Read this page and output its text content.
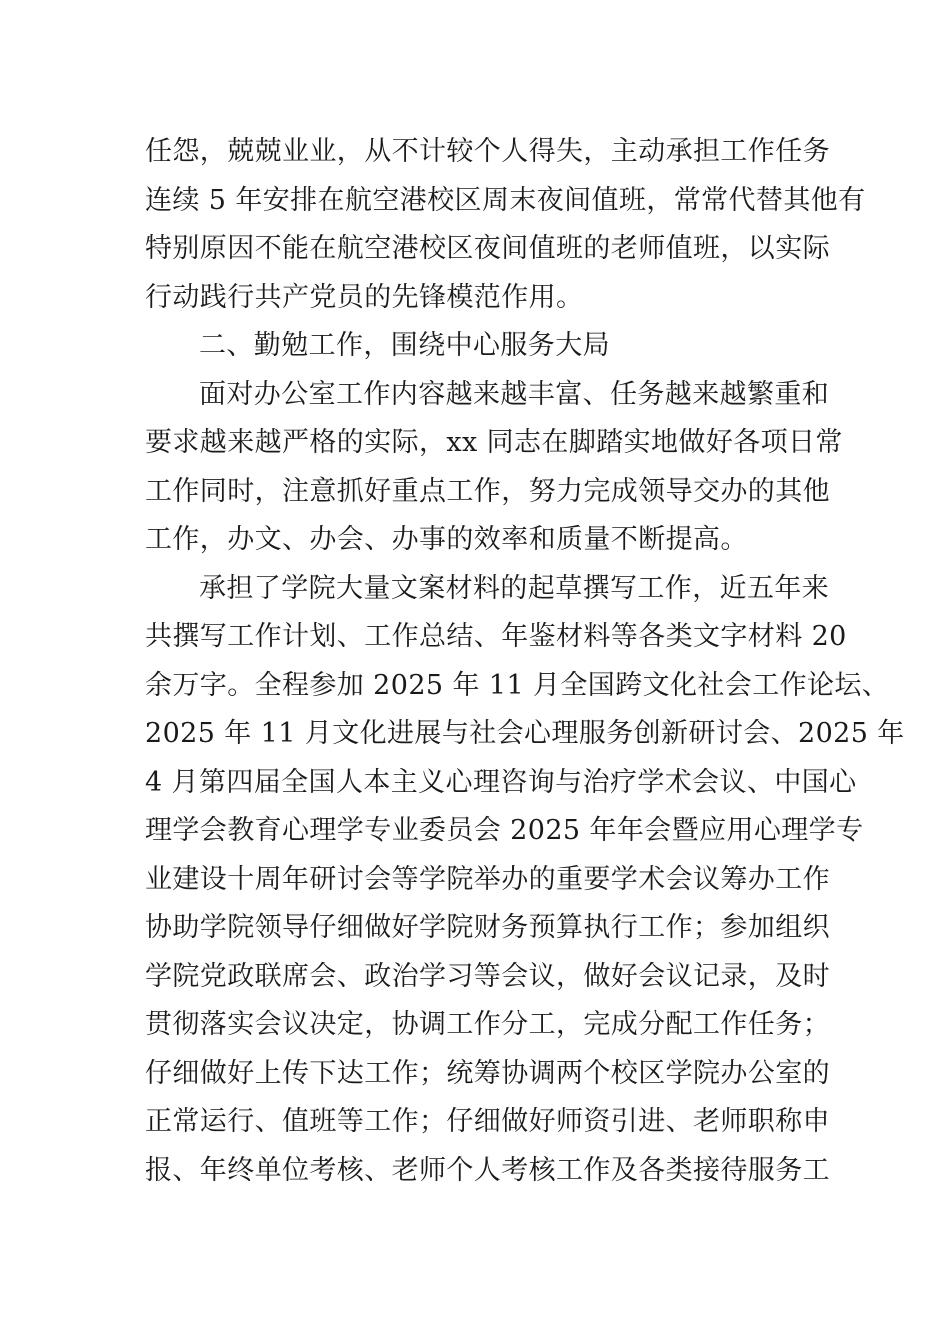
任怨，兢兢业业，从不计较个人得失，主动承担工作任务
连续 5 年安排在航空港校区周末夜间值班，常常代替其他有
特别原因不能在航空港校区夜间值班的老师值班，以实际
行动践行共产党员的先锋模范作用。
二、勤勉工作，围绕中心服务大局
面对办公室工作内容越来越丰富、任务越来越繁重和
要求越来越严格的实际，xx 同志在脚踏实地做好各项日常
工作同时，注意抓好重点工作，努力完成领导交办的其他
工作，办文、办会、办事的效率和质量不断提高。
承担了学院大量文案材料的起草撰写工作，近五年来
共撰写工作计划、工作总结、年鉴材料等各类文字材料 20
余万字。全程参加 2025 年 11 月全国跨文化社会工作论坛、
2025 年 11 月文化进展与社会心理服务创新研讨会、2025 年
4 月第四届全国人本主义心理咨询与治疗学术会议、中国心
理学会教育心理学专业委员会 2025 年年会暨应用心理学专
业建设十周年研讨会等学院举办的重要学术会议筹办工作
协助学院领导仔细做好学院财务预算执行工作；参加组织
学院党政联席会、政治学习等会议，做好会议记录，及时
贯彻落实会议决定，协调工作分工，完成分配工作任务；
仔细做好上传下达工作；统筹协调两个校区学院办公室的
正常运行、值班等工作；仔细做好师资引进、老师职称申
报、年终单位考核、老师个人考核工作及各类接待服务工
